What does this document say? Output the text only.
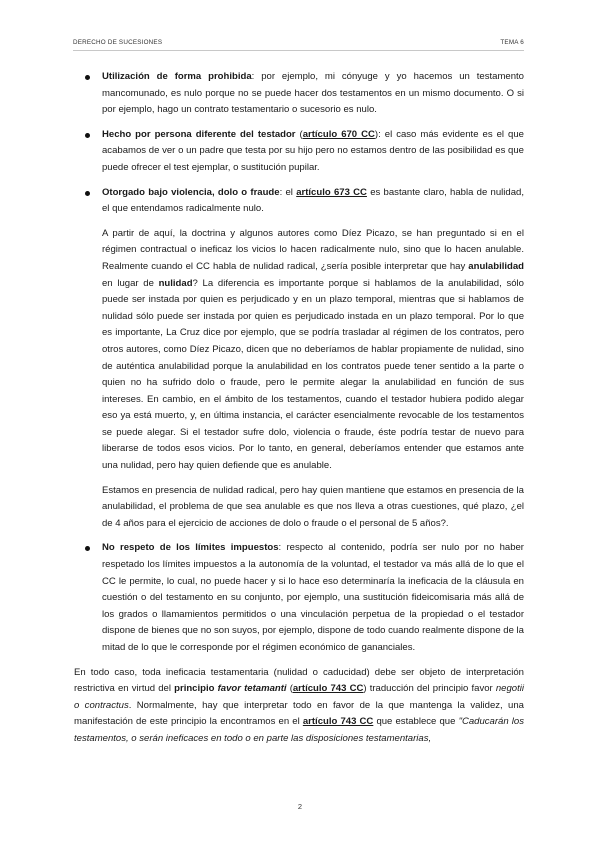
DERECHO DE SUCESIONES	TEMA 6

Utilización de forma prohibida: por ejemplo, mi cónyuge y yo hacemos un testamento mancomunado, es nulo porque no se puede hacer dos testamentos en un mismo documento. O si por ejemplo, hago un contrato testamentario o sucesorio es nulo.

Hecho por persona diferente del testador (artículo 670 CC): el caso más evidente es el que acabamos de ver o un padre que testa por su hijo pero no estamos dentro de las posibilidad es que puede ofrecer el test ejemplar, o sustitución pupilar.

Otorgado bajo violencia, dolo o fraude: el artículo 673 CC es bastante claro, habla de nulidad, el que entendamos radicalmente nulo.

A partir de aquí, la doctrina y algunos autores como Díez Picazo, se han preguntado si en el régimen contractual o ineficaz los vicios lo hacen radicalmente nulo, sino que lo hacen anulable. Realmente cuando el CC habla de nulidad radical, ¿sería posible interpretar que hay anulabilidad en lugar de nulidad? La diferencia es importante porque si hablamos de la anulabilidad, sólo puede ser instada por quien es perjudicado y en un plazo temporal, mientras que si hablamos de nulidad sólo puede ser instada por quien es perjudicado instada en un plazo temporal. Por lo que es importante, La Cruz dice por ejemplo, que se podría trasladar al régimen de los contratos, pero otros autores, como Díez Picazo, dicen que no deberíamos de hablar propiamente de nulidad, sino de auténtica anulabilidad porque la anulabilidad en los contratos puede tener sentido a la parte o quien no ha sufrido dolo o fraude, pero le permite alegar la anulabilidad en función de sus intereses. En cambio, en el ámbito de los testamentos, cuando el testador hubiera podido alegar eso ya está muerto, y, en última instancia, el carácter esencialmente revocable de los testamentos se puede alegar. Si el testador sufre dolo, violencia o fraude, éste podría testar de nuevo para liberarse de todos esos vicios. Por lo tanto, en general, deberíamos entender que estamos ante una nulidad, pero hay quien defiende que es anulable.

Estamos en presencia de nulidad radical, pero hay quien mantiene que estamos en presencia de la anulabilidad, el problema de que sea anulable es que nos lleva a otras cuestiones, qué plazo, ¿el de 4 años para el ejercicio de acciones de dolo o fraude o el personal de 5 años?.

No respeto de los límites impuestos: respecto al contenido, podría ser nulo por no haber respetado los límites impuestos a la autonomía de la voluntad, el testador va más allá de lo que el CC le permite, lo cual, no puede hacer y si lo hace eso determinaría la ineficacia de la cláusula en cuestión o del testamento en su conjunto, por ejemplo, una sustitución fideicomisaria más allá de los grados o llamamientos permitidos o una vinculación perpetua de la propiedad o el testador dispone de bienes que no son suyos, por ejemplo, dispone de todo cuando realmente dispone de la mitad de lo que le corresponde por el régimen económico de gananciales.

En todo caso, toda ineficacia testamentaria (nulidad o caducidad) debe ser objeto de interpretación restrictiva en virtud del principio favor tetamanti (artículo 743 CC) traducción del principio favor negotii o contractus. Normalmente, hay que interpretar todo en favor de la que mantenga la validez, una manifestación de este principio la encontramos en el artículo 743 CC que establece que "Caducarán los testamentos, o serán ineficaces en todo o en parte las disposiciones testamentarias,

2
